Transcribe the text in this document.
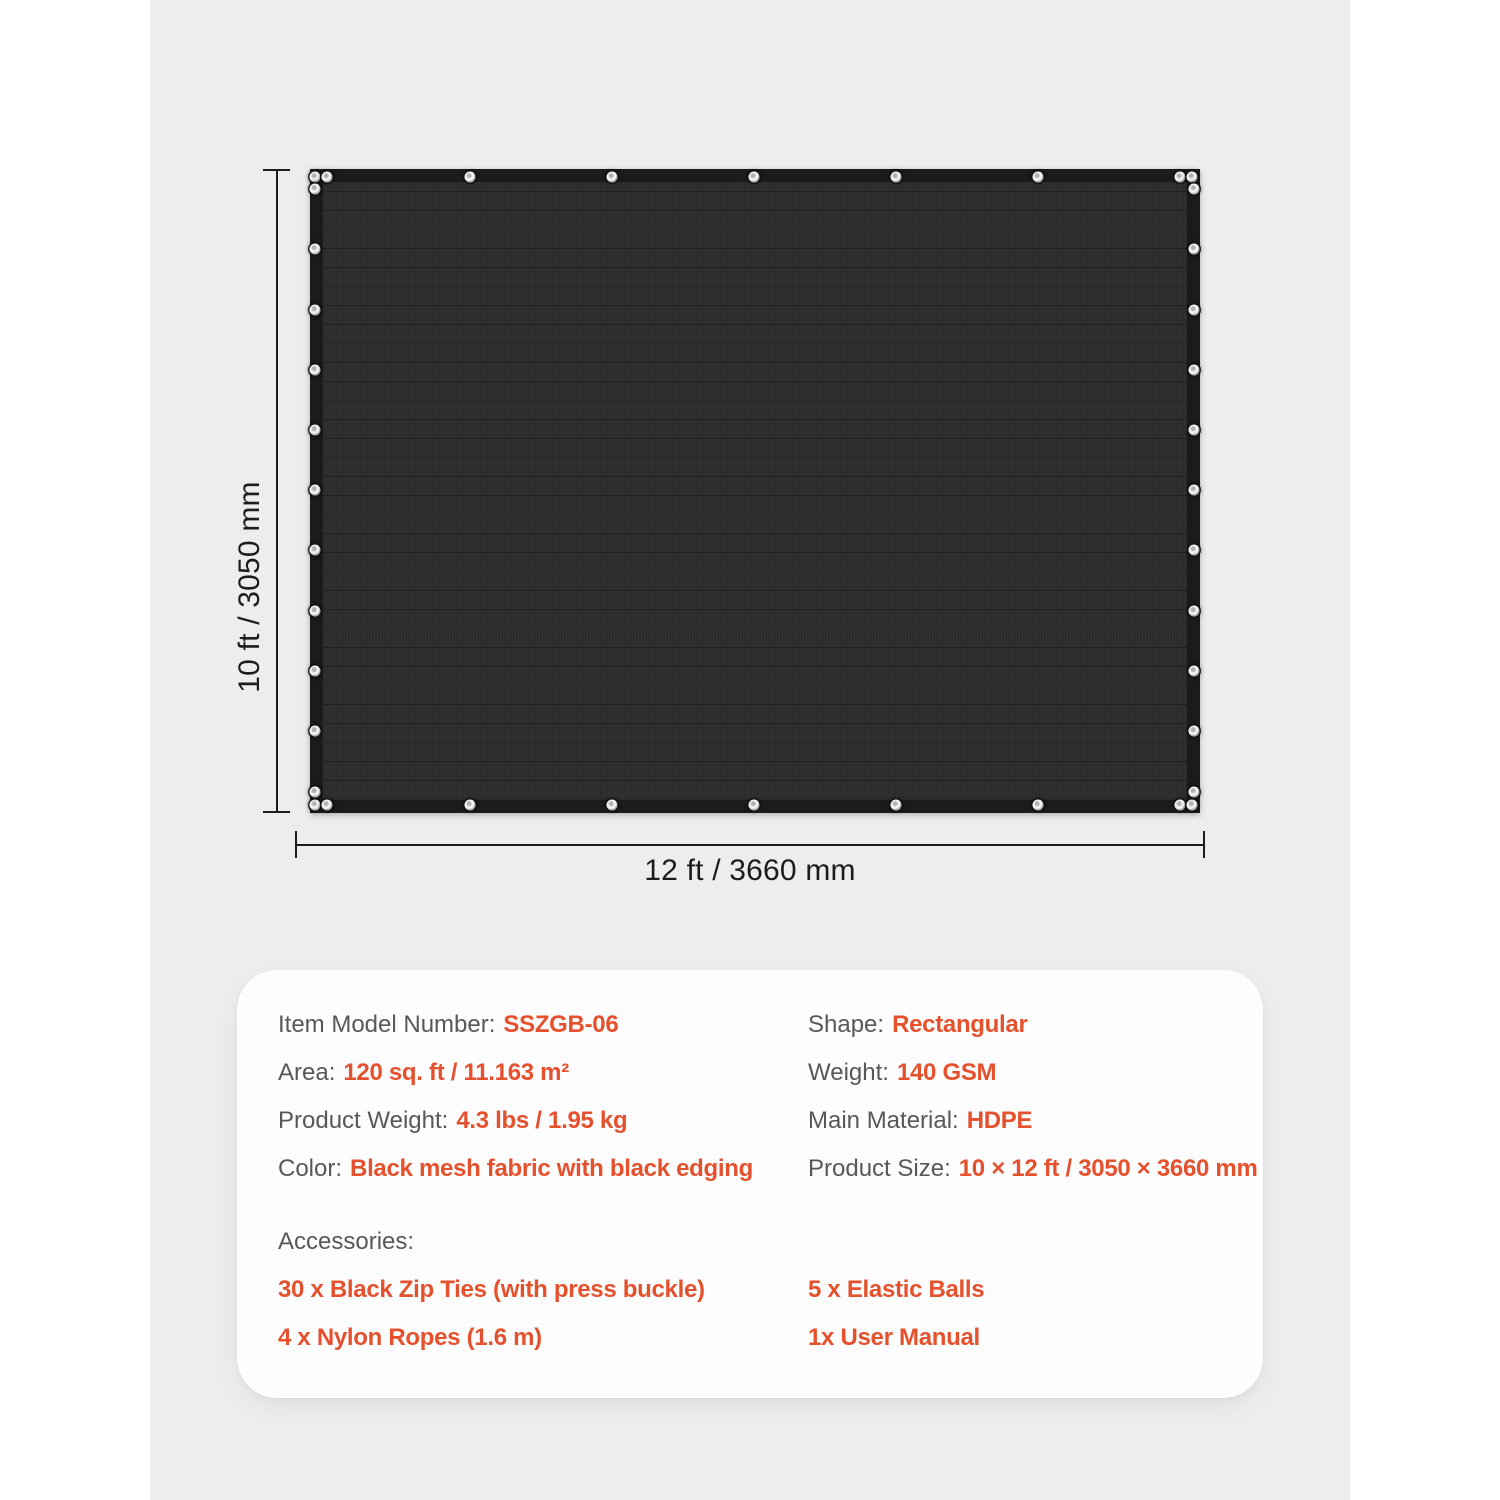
10 ft / 3050 mm
12 ft / 3660 mm
Item Model Number: SSZGB-06
Area: 120 sq. ft / 11.163 m²
Product Weight: 4.3 lbs / 1.95 kg
Color: Black mesh fabric with black edging
Shape: Rectangular
Weight: 140 GSM
Main Material: HDPE
Product Size: 10 × 12 ft / 3050 × 3660 mm
Accessories:
30 x Black Zip Ties (with press buckle)
4 x Nylon Ropes (1.6 m)
5 x Elastic Balls
1x User Manual
